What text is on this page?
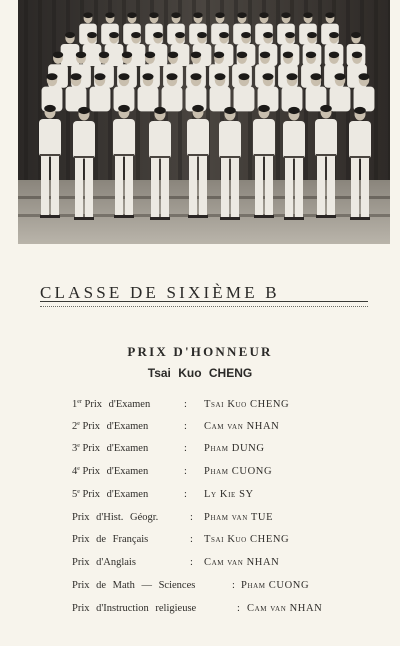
CLASSE DE SIXIÈME B
PRIX D'HONNEUR
Tsai Kuo CHENG
1er Prix d'Examen	: Tsai Kuo CHENG
2e Prix d'Examen	: Cam van NHAN
3e Prix d'Examen	: Pham DUNG
4e Prix d'Examen	: Pham CUONG
5e Prix d'Examen	: Ly Kie SY
Prix d'Hist. Géogr.	: Pham van TUE
Prix de Français	: Tsai Kuo CHENG
Prix d'Anglais	: Cam van NHAN
Prix de Math — Sciences	: Pham CUONG
Prix d'Instruction religieuse	: Cam van NHAN
